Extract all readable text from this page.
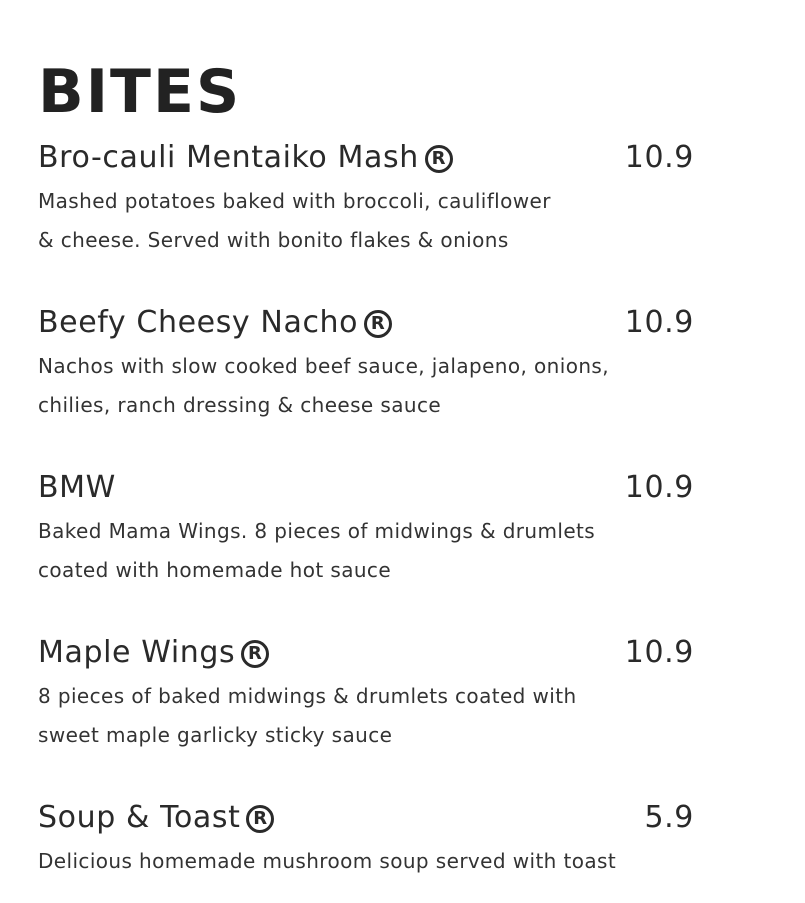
BITES
Bro-cauli Mentaiko Mash R	10.9

Mashed potatoes baked with broccoli, cauliflower
& cheese. Served with bonito flakes & onions

Beefy Cheesy Nacho R	10.9

Nachos with slow cooked beef sauce, jalapeno, onions,
chilies, ranch dressing & cheese sauce

BMW	10.9

Baked Mama Wings. 8 pieces of midwings & drumlets
coated with homemade hot sauce

Maple Wings R	10.9

8 pieces of baked midwings & drumlets coated with
sweet maple garlicky sticky sauce

Soup & Toast R	5.9

Delicious homemade mushroom soup served with toast
